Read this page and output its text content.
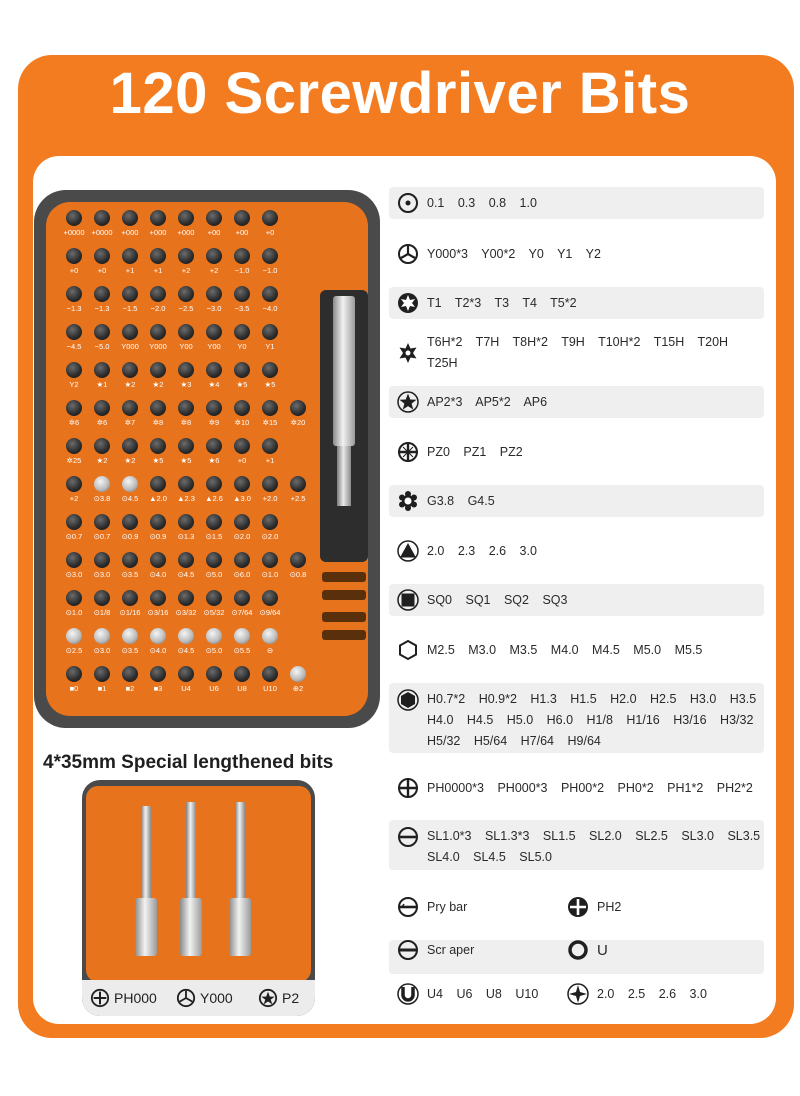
120 Screwdriver Bits
+0000 +0000	+000	+000	+000	+00	+00	+0
+0	+0	+1	+1	+2	+2	−1.0	−1.0
−1.3	−1.3	−1.5	−2.0	−2.5	−3.0	−3.5	−4.0
−4.5	−5.0	Y000	Y000	Y00	Y00	Y0	Y1
Y2	★1	★2	★2	★3	★4	★5	★5
✲6	✲6	✲7	✲8	✲8	✲9	✲10	✲15	✲20
✲25	★2	★2	★5	★5	★6	+0	+1
+2	⊙3.8	⊙4.5	▲2.0	▲2.3	▲2.6	▲3.0	+2.0	+2.5
⊙0.7	⊙0.7	⊙0.9	⊙0.9	⊙1.3	⊙1.5	⊙2.0	⊙2.0
⊙3.0	⊙3.0	⊙3.5	⊙4.0	⊙4.5	⊙5.0	⊙6.0	⊙1.0	⊙0.8
⊙1.0	⊙1/8	⊙1/16 ⊙3/16 ⊙3/32 ⊙5/32 ⊙7/64 ⊙9/64
⊙2.5	⊙3.0	⊙3.5	⊙4.0	⊙4.5	⊙5.0	⊙5.5	⊖
■0	■1	■2	■3	U4	U6	U8	U10	⊕2
4*35mm Special lengthened bits
PH000	Y000	P2
0.1 0.3 0.8 1.0
Y000*3 Y00*2 Y0 Y1 Y2
T1 T2*3 T3 T4 T5*2
T6H*2 T7H T8H*2 T9H T10H*2 T15H T20H T25H
AP2*3 AP5*2 AP6
PZ0 PZ1 PZ2
G3.8 G4.5
2.0 2.3 2.6 3.0
SQ0 SQ1 SQ2 SQ3
M2.5 M3.0 M3.5 M4.0 M4.5 M5.0 M5.5
H0.7*2 H0.9*2 H1.3 H1.5 H2.0 H2.5 H3.0 H3.5 H4.0 H4.5 H5.0 H6.0 H1/8 H1/16 H3/16 H3/32 H5/32 H5/64 H7/64 H9/64
PH0000*3 PH000*3 PH00*2 PH0*2 PH1*2 PH2*2
SL1.0*3 SL1.3*3 SL1.5 SL2.0 SL2.5 SL3.0 SL3.5 SL4.0 SL4.5 SL5.0
Pry bar	PH2
Scr aper	U
U4 U6 U8 U10	2.0 2.5 2.6 3.0
